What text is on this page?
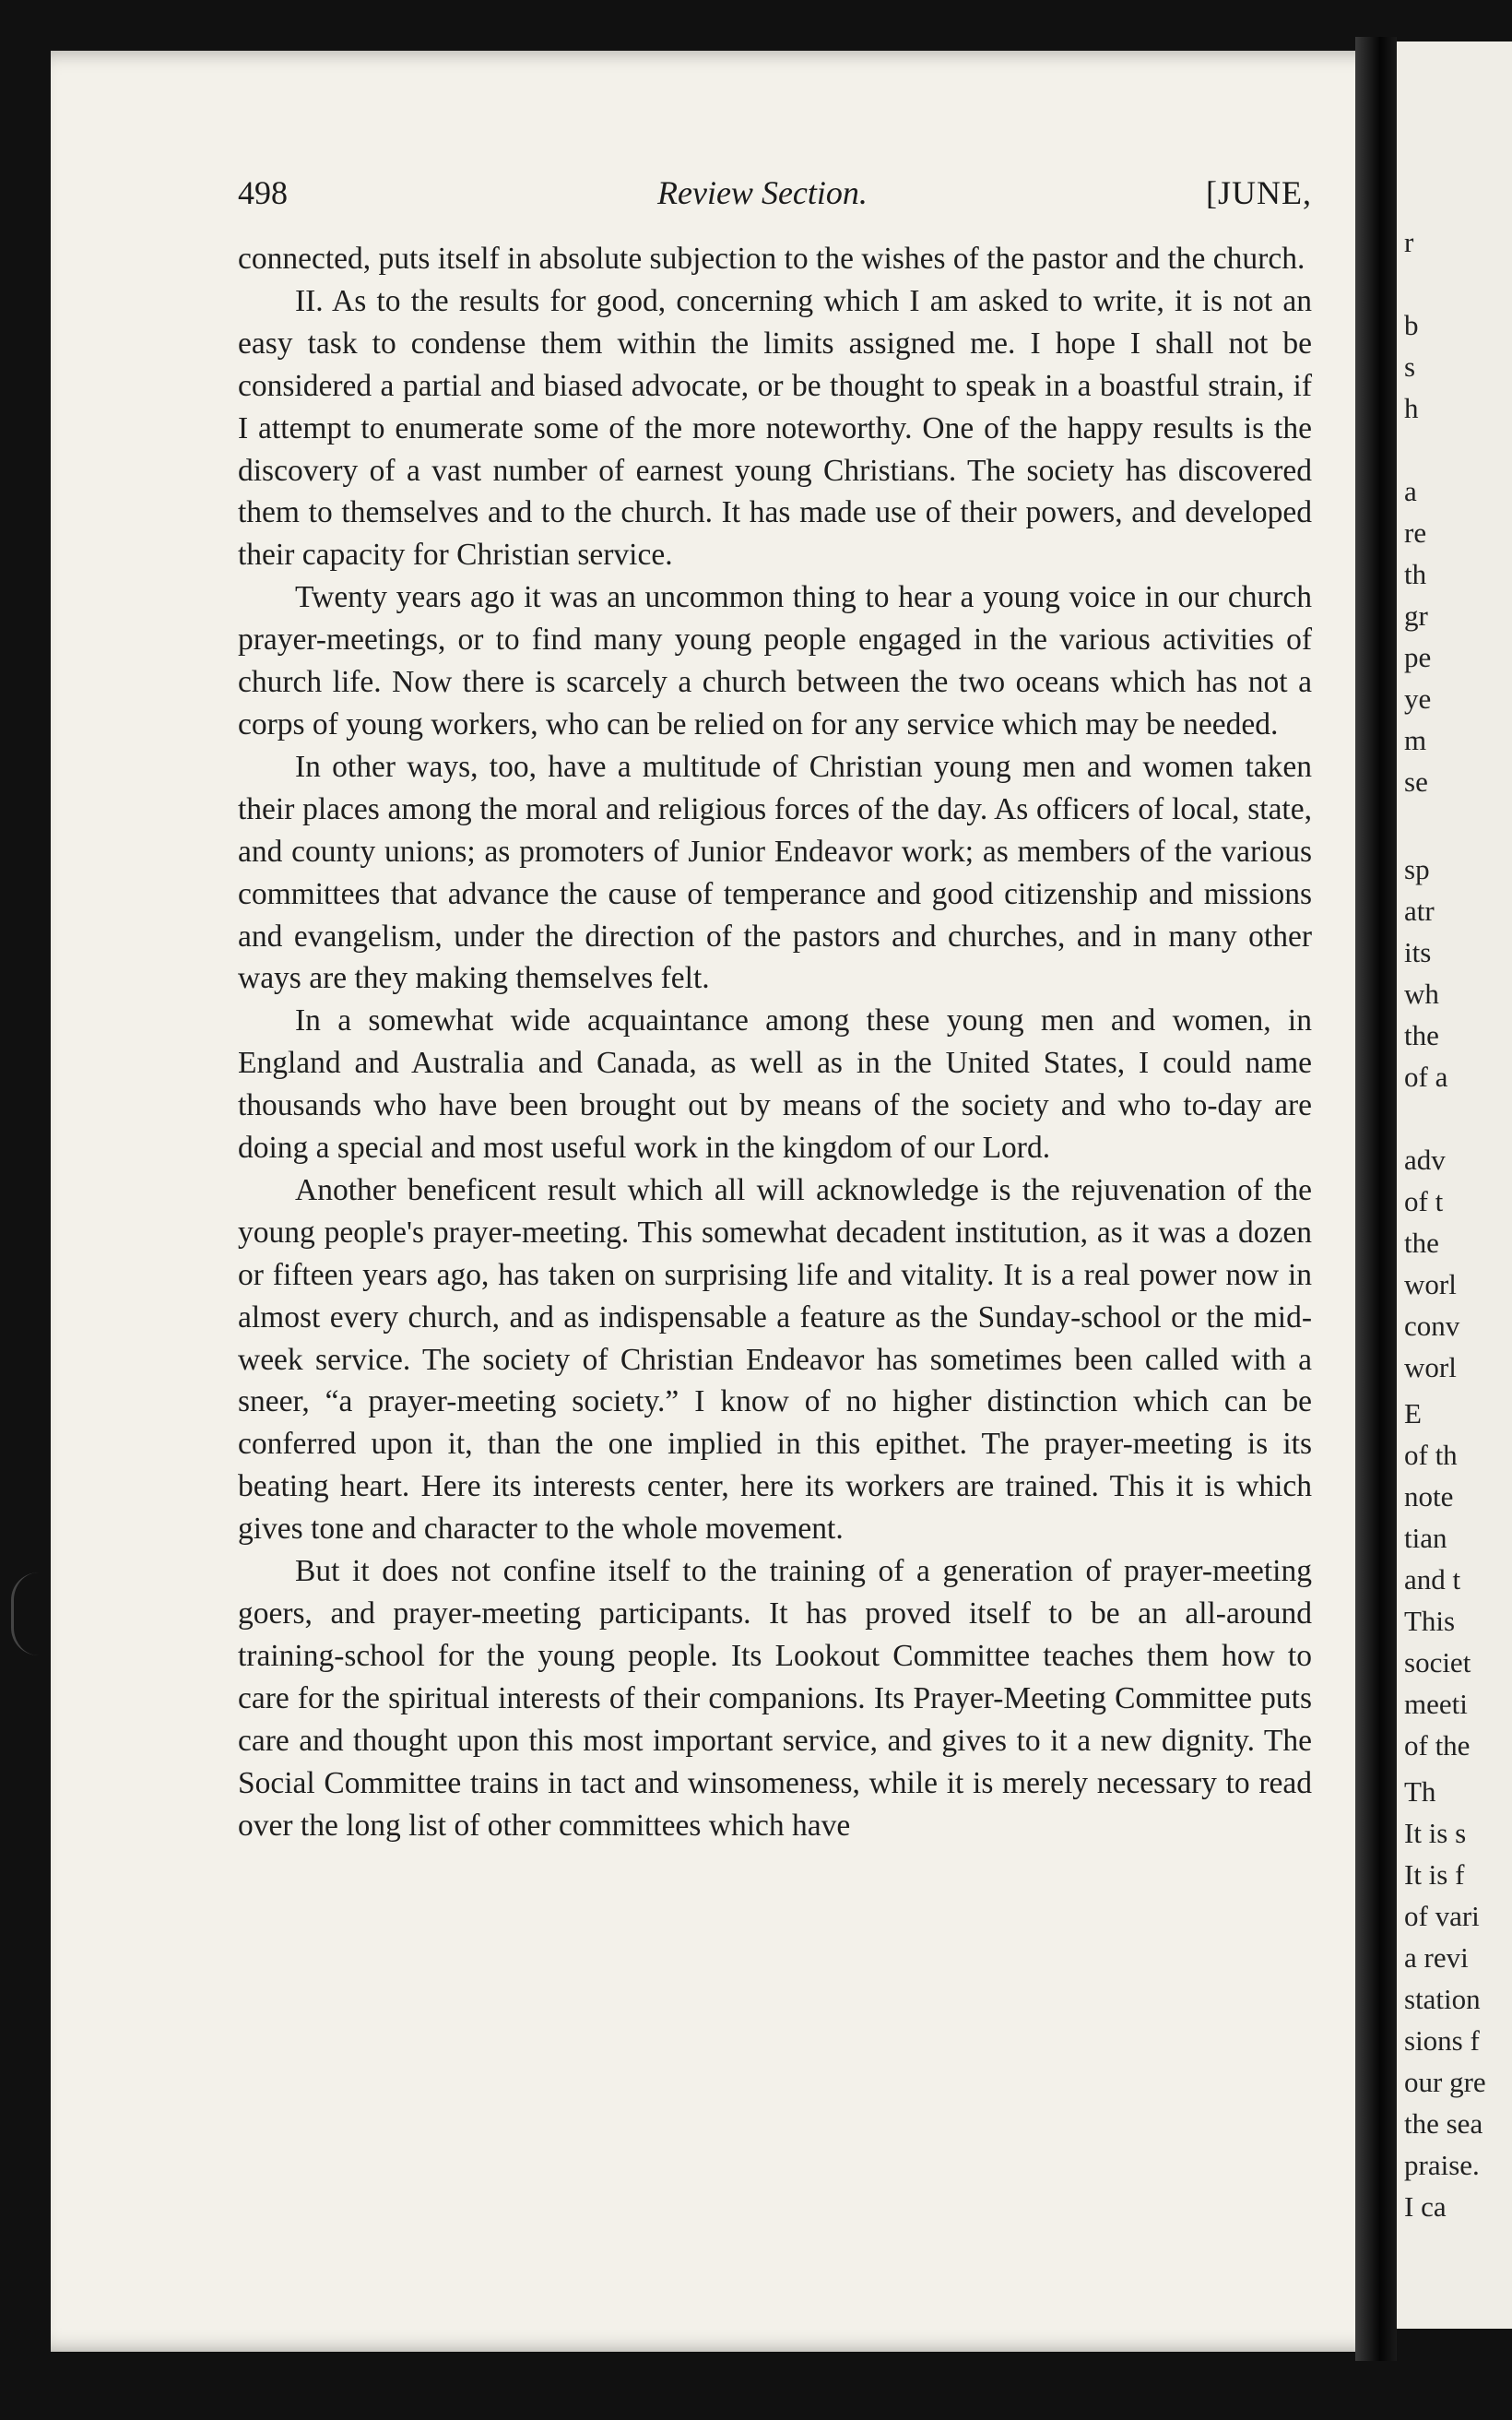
498	Review Section.	[JUNE,

connected, puts itself in absolute subjection to the wishes of the pastor and the church.

II. As to the results for good, concerning which I am asked to write, it is not an easy task to condense them within the limits assigned me. I hope I shall not be considered a partial and biased advocate, or be thought to speak in a boastful strain, if I attempt to enumerate some of the more noteworthy. One of the happy results is the discovery of a vast number of earnest young Christians. The society has discovered them to themselves and to the church. It has made use of their powers, and developed their capacity for Christian service.

Twenty years ago it was an uncommon thing to hear a young voice in our church prayer-meetings, or to find many young people engaged in the various activities of church life. Now there is scarcely a church between the two oceans which has not a corps of young workers, who can be relied on for any service which may be needed.

In other ways, too, have a multitude of Christian young men and women taken their places among the moral and religious forces of the day. As officers of local, state, and county unions; as promoters of Junior Endeavor work; as members of the various committees that advance the cause of temperance and good citizenship and missions and evangelism, under the direction of the pastors and churches, and in many other ways are they making themselves felt.

In a somewhat wide acquaintance among these young men and women, in England and Australia and Canada, as well as in the United States, I could name thousands who have been brought out by means of the society and who to-day are doing a special and most useful work in the kingdom of our Lord.

Another beneficent result which all will acknowledge is the rejuvenation of the young people's prayer-meeting. This somewhat decadent institution, as it was a dozen or fifteen years ago, has taken on surprising life and vitality. It is a real power now in almost every church, and as indispensable a feature as the Sunday-school or the mid-week service. The society of Christian Endeavor has sometimes been called with a sneer, “a prayer-meeting society.” I know of no higher distinction which can be conferred upon it, than the one implied in this epithet. The prayer-meeting is its beating heart. Here its interests center, here its workers are trained. This it is which gives tone and character to the whole movement.

But it does not confine itself to the training of a generation of prayer-meeting goers, and prayer-meeting participants. It has proved itself to be an all-around training-school for the young people. Its Lookout Committee teaches them how to care for the spiritual interests of their companions. Its Prayer-Meeting Committee puts care and thought upon this most important service, and gives to it a new dignity. The Social Committee trains in tact and winsomeness, while it is merely necessary to read over the long list of other committees which have

r
b
s
h
a
re
th
gr
pe
ye
m
se
sp
atr
its
wh
the
of a
adv
of t
the
worl
conv
worl
E
of th
note
tian
and t
This
societ
meeti
of the
Th
It is s
It is f
of vari
a revi
station
sions f
our gre
the sea
praise.
I ca
